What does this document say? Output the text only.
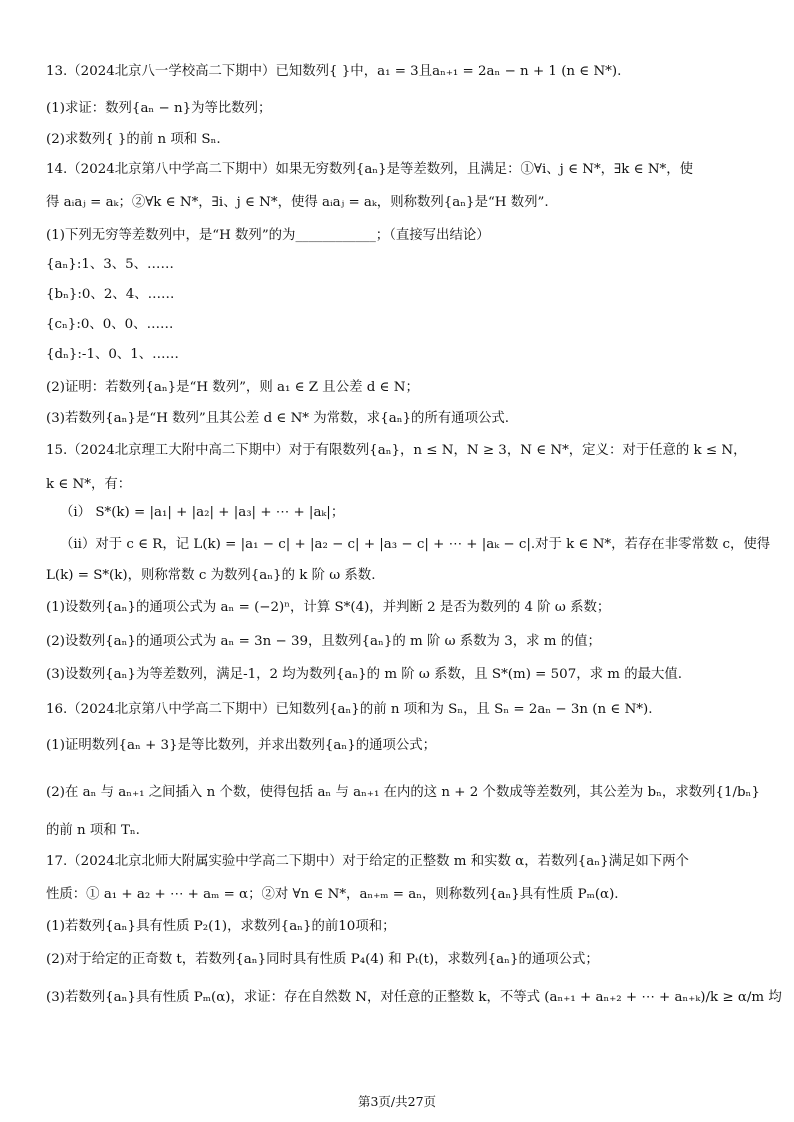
13.（2024北京八一学校高二下期中）已知数列{ }中，a₁ = 3且aₙ₊₁ = 2aₙ − n + 1 (n ∈ N*).
(1)求证：数列{aₙ − n}为等比数列；
(2)求数列{ }的前 n 项和 Sₙ.
14.（2024北京第八中学高二下期中）如果无穷数列{aₙ}是等差数列，且满足：①∀i、j ∈ N*，∃k ∈ N*，使
得 aᵢaⱼ = aₖ；②∀k ∈ N*，∃i、j ∈ N*，使得 aᵢaⱼ = aₖ，则称数列{aₙ}是“H 数列”.
(1)下列无穷等差数列中，是“H 数列”的为____________；（直接写出结论）
{aₙ}:1、3、5、……
{bₙ}:0、2、4、……
{cₙ}:0、0、0、……
{dₙ}:-1、0、1、……
(2)证明：若数列{aₙ}是“H 数列”，则 a₁ ∈ Z 且公差 d ∈ N；
(3)若数列{aₙ}是“H 数列”且其公差 d ∈ N* 为常数，求{aₙ}的所有通项公式.
15.（2024北京理工大附中高二下期中）对于有限数列{aₙ}，n ≤ N，N ≥ 3，N ∈ N*，定义：对于任意的 k ≤ N，
k ∈ N*，有：
（i） S*(k) = |a₁| + |a₂| + |a₃| + ⋯ + |aₖ|；
（ii）对于 c ∈ R，记 L(k) = |a₁ − c| + |a₂ − c| + |a₃ − c| + ⋯ + |aₖ − c|.对于 k ∈ N*，若存在非零常数 c，使得
L(k) = S*(k)，则称常数 c 为数列{aₙ}的 k 阶 ω 系数.
(1)设数列{aₙ}的通项公式为 aₙ = (−2)ⁿ，计算 S*(4)，并判断 2 是否为数列的 4 阶 ω 系数；
(2)设数列{aₙ}的通项公式为 aₙ = 3n − 39，且数列{aₙ}的 m 阶 ω 系数为 3，求 m 的值；
(3)设数列{aₙ}为等差数列，满足-1，2 均为数列{aₙ}的 m 阶 ω 系数，且 S*(m) = 507，求 m 的最大值.
16.（2024北京第八中学高二下期中）已知数列{aₙ}的前 n 项和为 Sₙ，且 Sₙ = 2aₙ − 3n (n ∈ N*).
(1)证明数列{aₙ + 3}是等比数列，并求出数列{aₙ}的通项公式；
(2)在 aₙ 与 aₙ₊₁ 之间插入 n 个数，使得包括 aₙ 与 aₙ₊₁ 在内的这 n + 2 个数成等差数列，其公差为 bₙ，求数列{1/bₙ}
的前 n 项和 Tₙ.
17.（2024北京北师大附属实验中学高二下期中）对于给定的正整数 m 和实数 α，若数列{aₙ}满足如下两个
性质：① a₁ + a₂ + ⋯ + aₘ = α；②对 ∀n ∈ N*，aₙ₊ₘ = aₙ，则称数列{aₙ}具有性质 Pₘ(α).
(1)若数列{aₙ}具有性质 P₂(1)，求数列{aₙ}的前10项和；
(2)对于给定的正奇数 t，若数列{aₙ}同时具有性质 P₄(4) 和 Pₜ(t)，求数列{aₙ}的通项公式；
(3)若数列{aₙ}具有性质 Pₘ(α)，求证：存在自然数 N，对任意的正整数 k，不等式 (aₙ₊₁ + aₙ₊₂ + ⋯ + aₙ₊ₖ)/k ≥ α/m 均
第3页/共27页
